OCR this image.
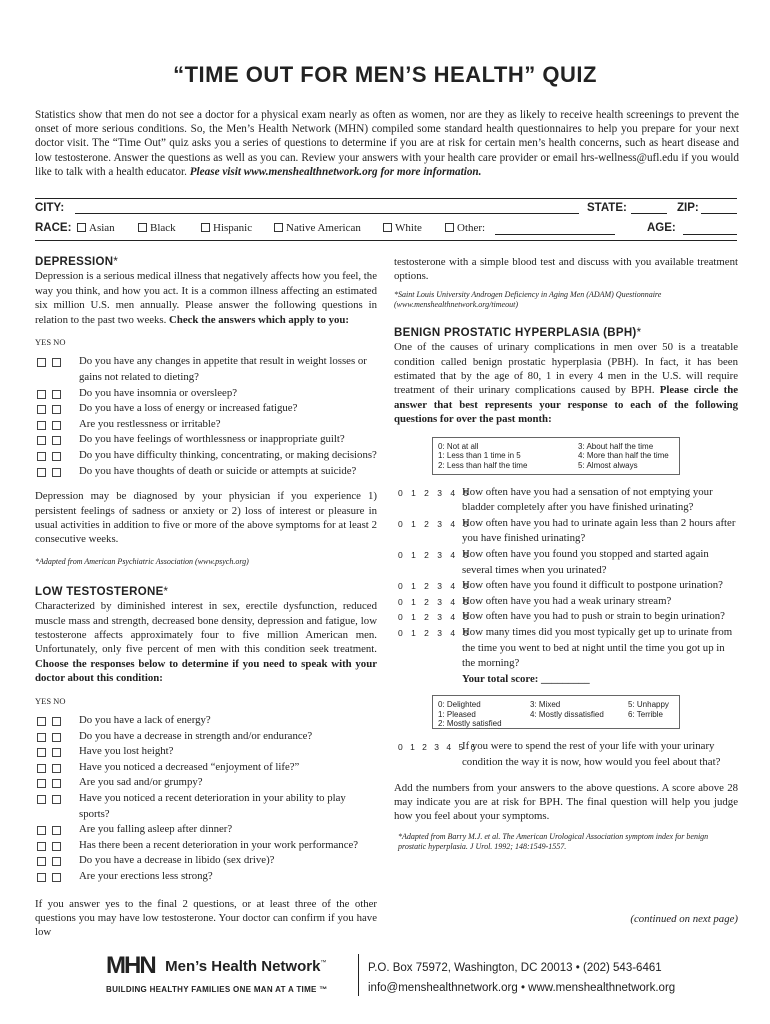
“TIME OUT FOR MEN’S HEALTH” QUIZ
Statistics show that men do not see a doctor for a physical exam nearly as often as women, nor are they as likely to receive health screenings to prevent the onset of more serious conditions. So, the Men’s Health Network (MHN) compiled some standard health questionnaires to help you prepare for your next doctor visit. The “Time Out” quiz asks you a series of questions to determine if you are at risk for certain men’s health concerns, such as heart disease and low testosterone. Answer the questions as well as you can. Review your answers with your health care provider or email hrs-wellness@ufl.edu if you would like to talk with a health educator. Please visit www.menshealthnetwork.org for more information.
CITY:	STATE:	ZIP:
RACE:	Asian	Black	Hispanic	Native American	White	Other:	AGE:
DEPRESSION*
Depression is a serious medical illness that negatively affects how you feel, the way you think, and how you act. It is a common illness affecting an estimated six million U.S. men annually. Please answer the following questions in relation to the past two weeks. Check the answers which apply to you:
YES NO
Do you have any changes in appetite that result in weight losses or gains not related to dieting?
Do you have insomnia or oversleep?
Do you have a loss of energy or increased fatigue?
Are you restlessness or irritable?
Do you have feelings of worthlessness or inappropriate guilt?
Do you have difficulty thinking, concentrating, or making decisions?
Do you have thoughts of death or suicide or attempts at suicide?
Depression may be diagnosed by your physician if you experience 1) persistent feelings of sadness or anxiety or 2) loss of interest or pleasure in usual activities in addition to five or more of the above symptoms for at least 2 consecutive weeks.
*Adapted from American Psychiatric Association (www.psych.org)
LOW TESTOSTERONE*
Characterized by diminished interest in sex, erectile dysfunction, reduced muscle mass and strength, decreased bone density, depression and fatigue, low testosterone affects approximately four to five million American men. Unfortunately, only five percent of men with this condition seek treatment. Choose the responses below to determine if you need to speak with your doctor about this condition:
YES NO
Do you have a lack of energy?
Do you have a decrease in strength and/or endurance?
Have you lost height?
Have you noticed a decreased “enjoyment of life?”
Are you sad and/or grumpy?
Have you noticed a recent deterioration in your ability to play sports?
Are you falling asleep after dinner?
Has there been a recent deterioration in your work performance?
Do you have a decrease in libido (sex drive)?
Are your erections less strong?
If you answer yes to the final 2 questions, or at least three of the other questions you may have low testosterone. Your doctor can confirm if you have low
testosterone with a simple blood test and discuss with you available treatment options.
*Saint Louis University Androgen Deficiency in Aging Men (ADAM) Questionnaire (www.menshealthnetwork.org/timeout)
BENIGN PROSTATIC HYPERPLASIA (BPH)*
One of the causes of urinary complications in men over 50 is a treatable condition called benign prostatic hyperplasia (PBH). In fact, it has been estimated that by the age of 80, 1 in every 4 men in the U.S. will require treatment of their urinary complications caused by BPH. Please circle the answer that best represents your response to each of the following questions for over the past month:
0: Not at all
1: Less than 1 time in 5
2: Less than half the time
3: About half the time
4: More than half the time
5: Almost always
0 1 2 3 4 5
How often have you had a sensation of not emptying your bladder completely after you have finished urinating?
0 1 2 3 4 5
How often have you had to urinate again less than 2 hours after you have finished urinating?
0 1 2 3 4 5
How often have you found you stopped and started again several times when you urinated?
0 1 2 3 4 5
How often have you found it difficult to postpone urination?
0 1 2 3 4 5
How often have you had a weak urinary stream?
0 1 2 3 4 5
How often have you had to push or strain to begin urination?
0 1 2 3 4 5
How many times did you most typically get up to urinate from the time you went to bed at night until the time you got up in the morning?
Your total score: _________
0: Delighted
1: Pleased
2: Mostly satisfied
3: Mixed
4: Mostly dissatisfied
5: Unhappy
6: Terrible
0 1 2 3 4 5 6
If you were to spend the rest of your life with your urinary condition the way it is now, how would you feel about that?
Add the numbers from your answers to the above questions. A score above 28 may indicate you are at risk for BPH. The final question will help you judge how you feel about your symptoms.
*Adapted from Barry M.J. et al. The American Urological Association symptom index for benign prostatic hyperplasia. J Urol. 1992; 148:1549-1557.
(continued on next page)
MHN Men’s Health Network™
BUILDING HEALTHY FAMILIES ONE MAN AT A TIME ™
P.O. Box 75972, Washington, DC 20013 • (202) 543-6461
info@menshealthnetwork.org • www.menshealthnetwork.org
